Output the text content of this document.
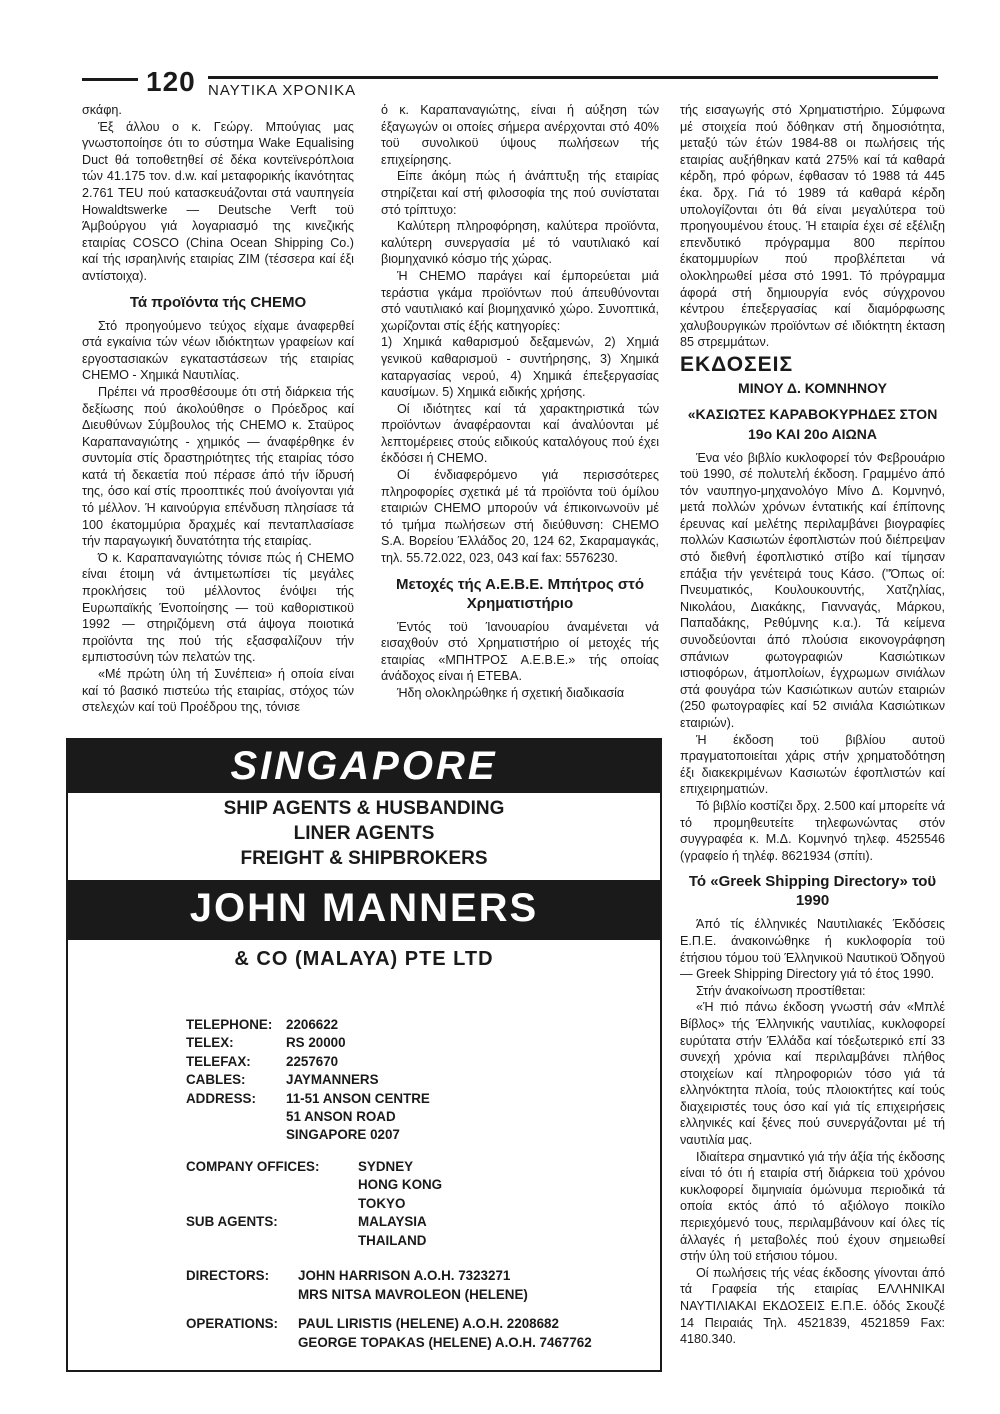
120 ΝΑΥΤΙΚΑ ΧΡΟΝΙΚΑ

σκάφη.

Έξ άλλου ο κ. Γεώργ. Μπούγιας μας γνωστοποίησε ότι το σύστημα Wake Equalising Duct θά τοποθετηθεί σέ δέκα κοντεϊνερόπλοια τών 41.175 τον. d.w. καί μεταφορικής ίκανότητας 2.761 TEU πού κατασκευάζονται στά ναυπηγεία Howaldtswerke — Deutsche Verft τοϋ Άμβούργου γιά λογαριασμό της κινεζικής εταιρίας COSCO (China Ocean Shipping Co.) καί τής ισραηλινής εταιρίας ZIM (τέσσερα καί έξι αντίστοιχα).

Τά προϊόντα τής CHEMO

Στό προηγούμενο τεύχος είχαμε άναφερθεί στά εγκαίνια τών νέων ιδιόκτητων γραφείων καί εργοστασιακών εγκαταστάσεων τής εταιρίας CHEMO - Χημικά Ναυτιλίας.

Πρέπει νά προσθέσουμε ότι στή διάρκεια τής δεξίωσης πού άκολούθησε ο Πρόεδρος καί Διευθύνων Σύμβουλος τής CHEMO κ. Σταϋρος Καραπαναγιώτης - χημικός — άναφέρθηκε έν συντομία στίς δραστηριότητες τής εταιρίας τόσο κατά τή δεκαετία πού πέρασε άπό τήν ίδρυσή της, όσο καί στίς προοπτικές πού άνοίγονται γιά τό μέλλον. Ή καινούργια επένδυση πλησίασε τά 100 έκατομμύρια δραχμές καί πενταπλασίασε τήν παραγωγική δυνατότητα τής εταιρίας.

Ό κ. Καραπαναγιώτης τόνισε πώς ή CHEMO είναι έτοιμη νά άντιμετωπίσει τίς μεγάλες προκλήσεις τοϋ μέλλοντος ένόψει τής Ευρωπαϊκής Ένοποίησης — τοϋ καθοριστικοϋ 1992 — στηριζόμενη στά άψογα ποιοτικά προϊόντα της πού τής εξασφαλίζουν τήν εμπιστοσύνη τών πελατών της.

«Μέ πρώτη ύλη τή Συνέπεια» ή οποία είναι καί τό βασικό πιστεύω τής εταιρίας, στόχος τών στελεχών καί τοϋ Προέδρου της, τόνισε

ό κ. Καραπαναγιώτης, είναι ή αύξηση τών έξαγωγών οι οποίες σήμερα ανέρχονται στό 40% τοϋ συνολικοϋ ύψους πωλήσεων τής επιχείρησης.

Είπε άκόμη πώς ή άνάπτυξη τής εταιρίας στηρίζεται καί στή φιλοσοφία της πού συνίσταται στό τρίπτυχο:

Καλύτερη πληροφόρηση, καλύτερα προϊόντα, καλύτερη συνεργασία μέ τό ναυτιλιακό καί βιομηχανικό κόσμο τής χώρας.

Ή CHEMO παράγει καί έμπορεύεται μιά τεράστια γκάμα προϊόντων πού άπευθύνονται στό ναυτιλιακό καί βιομηχανικό χώρο. Συνοπτικά, χωρίζονται στίς έξής κατηγορίες:

1) Χημικά καθαρισμού δεξαμενών, 2) Χημιά γενικοϋ καθαρισμοϋ - συντήρησης, 3) Χημικά καταργασίας νερού, 4) Χημικά έπεξεργασίας καυσίμων. 5) Χημικά ειδικής χρήσης.

Οί ιδιότητες καί τά χαρακτηριστικά τών προϊόντων άναφέραονται καί άναλύονται μέ λεπτομέρειες στούς ειδικούς καταλόγους πού έχει έκδόσει ή CHEMO.

Οί ένδιαφερόμενο γιά περισσότερες πληροφορίες σχετικά μέ τά προϊόντα τοϋ όμίλου εταιριών CHEMO μπορούν νά έπικοινωνοϋν μέ τό τμήμα πωλήσεων στή διεύθυνση: CHEMO S.A. Βορείου Έλλάδος 20, 124 62, Σκαραμαγκάς, τηλ. 55.72.022, 023, 043 καί fax: 5576230.

Μετοχές τής Α.Ε.Β.Ε. Μπήτρος στό Χρηματιστήριο

Έντός τοϋ Ίανουαρίου άναμένεται νά εισαχθούν στό Χρηματιστήριο οί μετοχές τής εταιρίας «ΜΠΗΤΡΟΣ Α.Ε.Β.Ε.» τής οποίας άνάδοχος είναι ή ΕΤΕΒΑ.

Ήδη ολοκληρώθηκε ή σχετική διαδικασία

τής εισαγωγής στό Χρηματιστήριο. Σύμφωνα μέ στοιχεία πού δόθηκαν στή δημοσιότητα, μεταξύ τών έτών 1984-88 οι πωλήσεις τής εταιρίας αυξήθηκαν κατά 275% καί τά καθαρά κέρδη, πρό φόρων, έφθασαν τό 1988 τά 445 έκα. δρχ. Γιά τό 1989 τά καθαρά κέρδη υπολογίζονται ότι θά είναι μεγαλύτερα τοϋ προηγουμένου έτους. Ή εταιρία έχει σέ εξέλιξη επενδυτικό πρόγραμμα 800 περίπου έκατομμυρίων πού προβλέπεται νά ολοκληρωθεί μέσα στό 1991. Τό πρόγραμμα άφορά στή δημιουργία ενός σύγχρονου κέντρου έπεξεργασίας καί διαμόρφωσης χαλυβουργικών προϊόντων σέ ιδιόκτητη έκταση 85 στρεμμάτων.

ΕΚΔΟΣΕΙΣ
ΜΙΝΟΥ Δ. ΚΟΜΝΗΝΟΥ
«ΚΑΣΙΩΤΕΣ ΚΑΡΑΒΟΚΥΡΗΔΕΣ ΣΤΟΝ 19ο ΚΑΙ 20ο ΑΙΩΝΑ

Ένα νέο βιβλίο κυκλοφορεί τόν Φεβρουάριο τοϋ 1990, σέ πολυτελή έκδοση. Γραμμένο άπό τόν ναυπηγο-μηχανολόγο Μίνο Δ. Κομνηνό, μετά πολλών χρόνων έντατικής καί έπίπονης έρευνας καί μελέτης περιλαμβάνει βιογραφίες πολλών Κασιωτών έφοπλιστών πού διέπρεψαν στό διεθνή έφοπλιστικό στίβο καί τίμησαν επάξια τήν γενέτειρά τους Κάσο. ("Όπως οί: Πνευματικός, Κουλουκουντής, Χατζηλίας, Νικολάου, Διακάκης, Γιανναγάς, Μάρκου, Παπαδάκης, Ρεθύμνης κ.α.). Τά κείμενα συνοδεύονται άπό πλούσια εικονογράφηση σπάνιων φωτογραφιών Κασιώτικων ιστιοφόρων, άτμοπλοίων, έγχρωμων σινιάλων στά φουγάρα τών Κασιώτικων αυτών εταιριών (250 φωτογραφίες καί 52 σινιάλα Κασιώτικων εταιριών).

Ή έκδοση τοϋ βιβλίου αυτοϋ πραγματοποιείται χάρις στήν χρηματοδότηση έξι διακεκριμένων Κασιωτών έφοπλιστών καί επιχειρηματιών.

Τό βιβλίο κοστίζει δρχ. 2.500 καί μπορείτε νά τό προμηθευτείτε τηλεφωνώντας στόν συγγραφέα κ. Μ.Δ. Κομνηνό τηλεφ. 4525546 (γραφείο ή τηλέφ. 8621934 (σπίτι).

Τό «Greek Shipping Directory» τοϋ 1990

Άπό τίς έλληνικές Ναυτιλιακές Έκδόσεις Ε.Π.Ε. άνακοινώθηκε ή κυκλοφορία τοϋ έτήσιου τόμου τοϋ Έλληνικοϋ Ναυτικοϋ Όδηγοϋ — Greek Shipping Directory γιά τό έτος 1990.

Στήν άνακοίνωση προστίθεται:

«Ή πιό πάνω έκδοση γνωστή σάν «Μπλέ Βίβλος» τής Έλληνικής ναυτιλίας, κυκλοφορεί ευρύτατα στήν Έλλάδα καί τόεξωτερικό επί 33 συνεχή χρόνια καί περιλαμβάνει πλήθος στοιχείων καί πληροφοριών τόσο γιά τά ελληνόκτητα πλοία, τούς πλοιοκτήτες καί τούς διαχειριστές τους όσο καί γιά τίς επιχειρήσεις ελληνικές καί ξένες πού συνεργάζονται μέ τή ναυτιλία μας.

Ιδιαίτερα σημαντικό γιά τήν άξία τής έκδοσης είναι τό ότι ή εταιρία στή διάρκεια τοϋ χρόνου κυκλοφορεί διμηνιαία όμώνυμα περιοδικά τά οποία εκτός άπό τό αξιόλογο ποικίλο περιεχόμενό τους, περιλαμβάνουν καί όλες τίς άλλαγές ή μεταβολές πού έχουν σημειωθεί στήν ύλη τοϋ ετήσιου τόμου.

Οί πωλήσεις τής νέας έκδοσης γίνονται άπό τά Γραφεία τής εταιρίας ΕΛΛΗΝΙΚΑΙ ΝΑΥΤΙΛΙΑΚΑΙ ΕΚΔΟΣΕΙΣ Ε.Π.Ε. όδός Σκουζέ 14 Πειραιάς Τηλ. 4521839, 4521859 Fax: 4180.340.

SINGAPORE
SHIP AGENTS & HUSBANDING
LINER AGENTS
FREIGHT & SHIPBROKERS
JOHN MANNERS
& CO (MALAYA) PTE LTD
TELEPHONE:	2206622
TELEX:	RS 20000
TELEFAX:	2257670
CABLES:	JAYMANNERS
ADDRESS:	11-51 ANSON CENTRE
51 ANSON ROAD
SINGAPORE 0207
COMPANY OFFICES:	SYDNEY
HONG KONG
TOKYO
SUB AGENTS:	MALAYSIA
THAILAND
DIRECTORS:	JOHN HARRISON A.O.H. 7323271
MRS NITSA MAVROLEON (HELENE)
OPERATIONS:	PAUL LIRISTIS (HELENE) A.O.H. 2208682
GEORGE TOPAKAS (HELENE) A.O.H. 7467762
